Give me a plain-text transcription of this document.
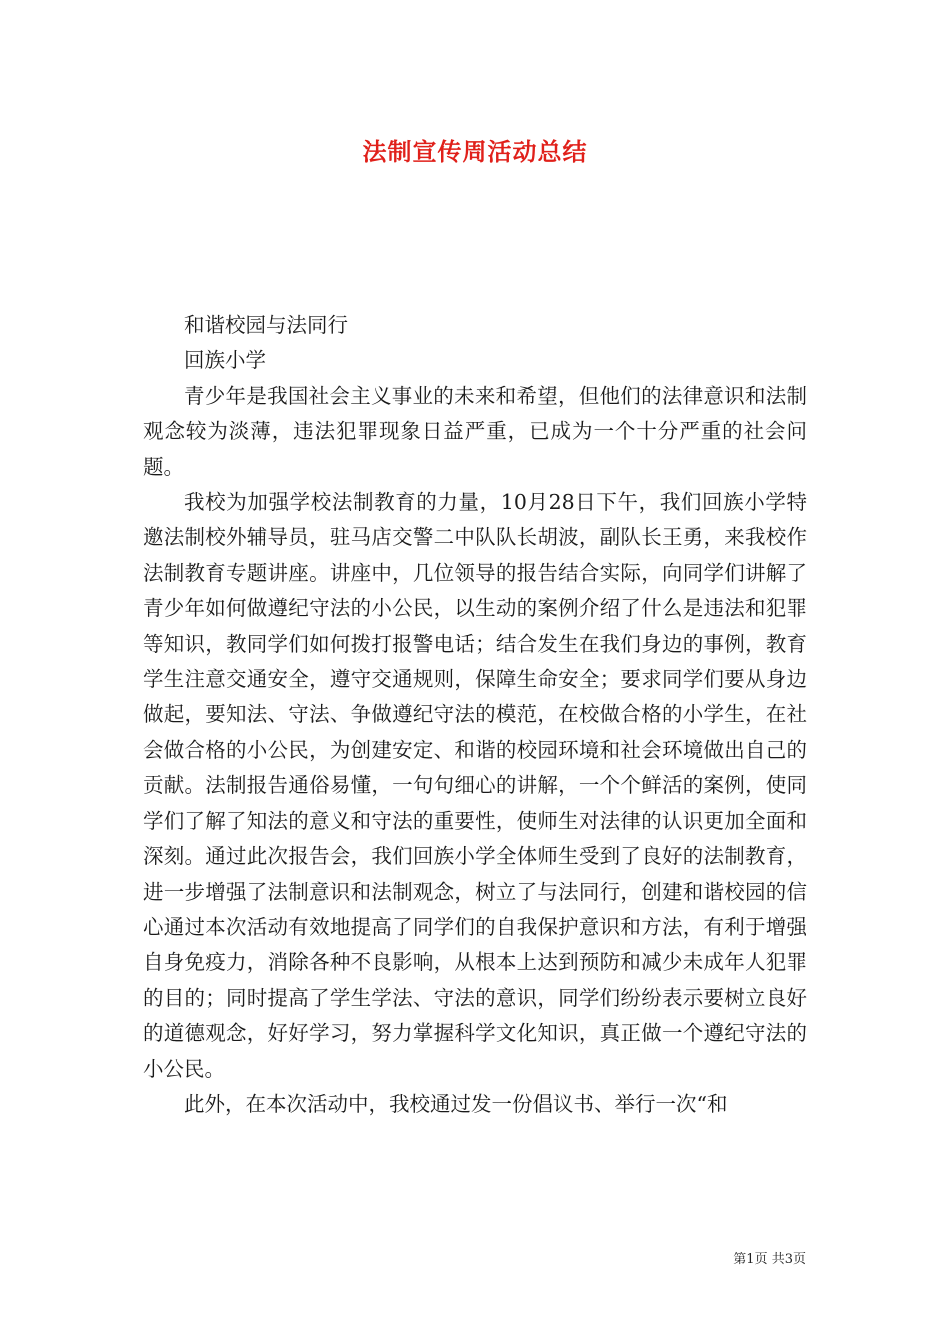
法制宣传周活动总结

和谐校园与法同行

回族小学

青少年是我国社会主义事业的未来和希望，但他们的法律意识和法制观念较为淡薄，违法犯罪现象日益严重，已成为一个十分严重的社会问题。

我校为加强学校法制教育的力量，10月28日下午，我们回族小学特邀法制校外辅导员，驻马店交警二中队队长胡波，副队长王勇，来我校作法制教育专题讲座。讲座中，几位领导的报告结合实际，向同学们讲解了青少年如何做遵纪守法的小公民，以生动的案例介绍了什么是违法和犯罪等知识，教同学们如何拨打报警电话；结合发生在我们身边的事例，教育学生注意交通安全，遵守交通规则，保障生命安全；要求同学们要从身边做起，要知法、守法、争做遵纪守法的模范，在校做合格的小学生，在社会做合格的小公民，为创建安定、和谐的校园环境和社会环境做出自己的贡献。法制报告通俗易懂，一句句细心的讲解，一个个鲜活的案例，使同学们了解了知法的意义和守法的重要性，使师生对法律的认识更加全面和深刻。通过此次报告会，我们回族小学全体师生受到了良好的法制教育，进一步增强了法制意识和法制观念，树立了与法同行，创建和谐校园的信心通过本次活动有效地提高了同学们的自我保护意识和方法，有利于增强自身免疫力，消除各种不良影响，从根本上达到预防和减少未成年人犯罪的目的；同时提高了学生学法、守法的意识，同学们纷纷表示要树立良好的道德观念，好好学习，努力掌握科学文化知识，真正做一个遵纪守法的小公民。

此外，在本次活动中，我校通过发一份倡议书、举行一次“和

第1页 共3页
